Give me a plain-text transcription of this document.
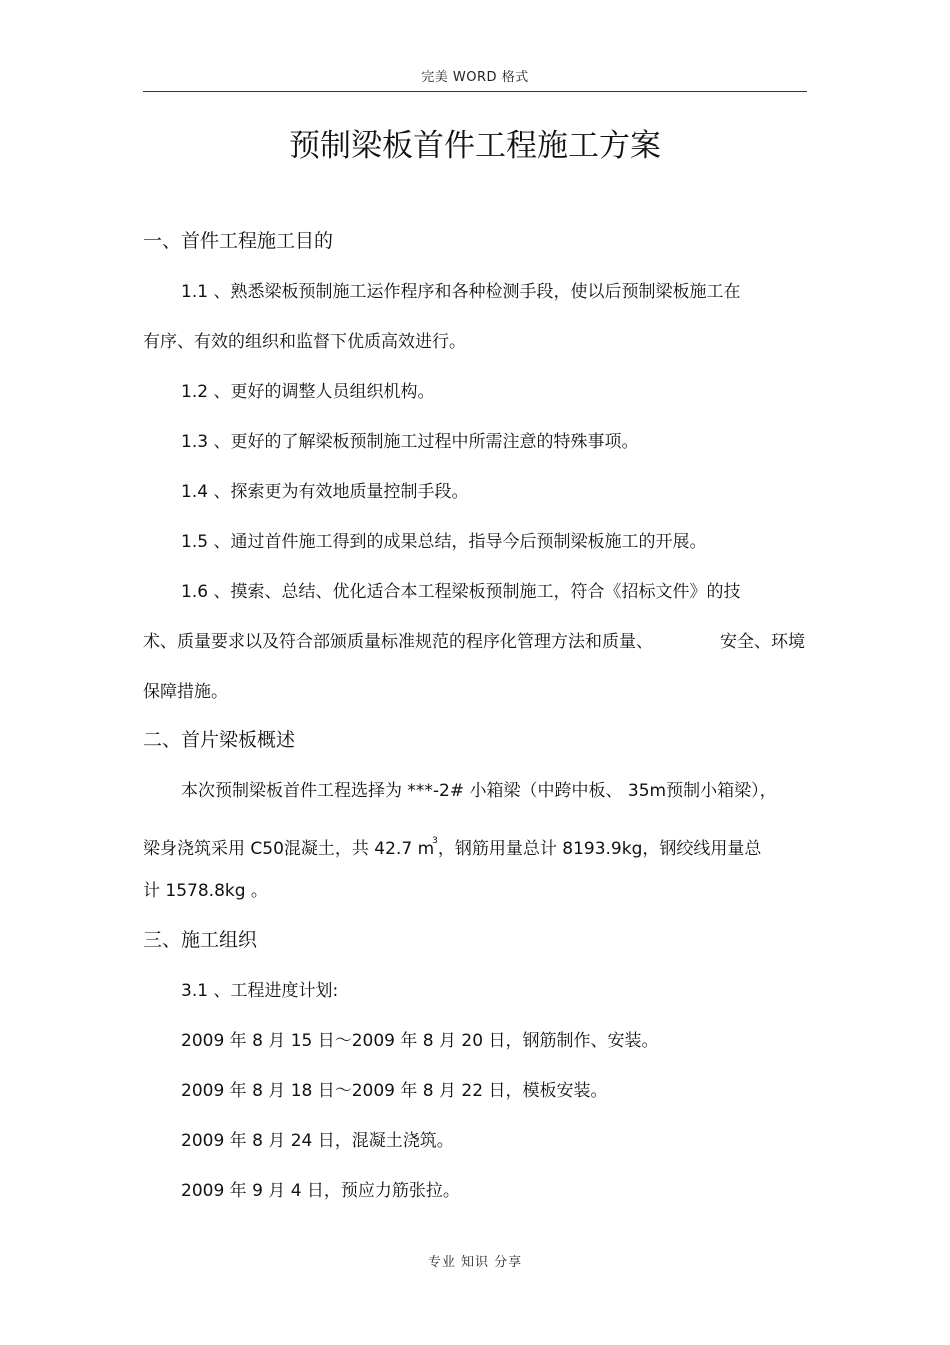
完美 WORD 格式
预制梁板首件工程施工方案
一、首件工程施工目的
1.1 、熟悉梁板预制施工运作程序和各种检测手段，使以后预制梁板施工在
有序、有效的组织和监督下优质高效进行。
1.2 、更好的调整人员组织机构。
1.3 、更好的了解梁板预制施工过程中所需注意的特殊事项。
1.4 、探索更为有效地质量控制手段。
1.5 、通过首件施工得到的成果总结，指导今后预制梁板施工的开展。
1.6 、摸索、总结、优化适合本工程梁板预制施工，符合《招标文件》的技
术、质量要求以及符合部颁质量标准规范的程序化管理方法和质量、	安全、环境
保障措施。
二、首片梁板概述
本次预制梁板首件工程选择为 ***-2# 小箱梁（中跨中板、 35m预制小箱梁），
梁身浇筑采用 C50混凝土，共 42.7 $m^3$，钢筋用量总计 8193.9kg，钢绞线用量总
计 1578.8kg 。
三、施工组织
3.1 、工程进度计划:
2009 年 8 月 15 日～2009 年 8 月 20 日，钢筋制作、安装。
2009 年 8 月 18 日～2009 年 8 月 22 日，模板安装。
2009 年 8 月 24 日，混凝土浇筑。
2009 年 9 月 4 日，预应力筋张拉。
专业 知识 分享
